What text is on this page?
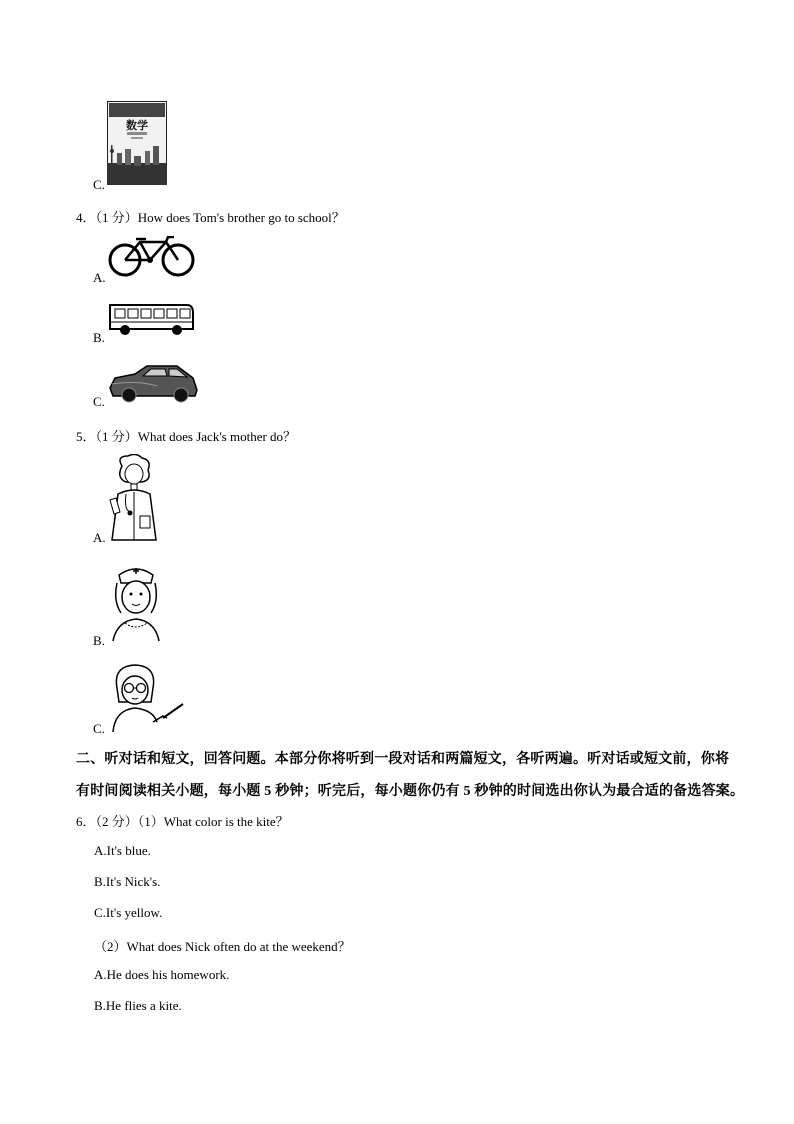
数学
C.
4．（1 分）How does Tom's brother go to school？
A.
B.
C.
5．（1 分）What does Jack's mother do？
A.
B.
C.
二、听对话和短文，回答问题。本部分你将听到一段对话和两篇短文，各听两遍。听对话或短文前，你将
有时间阅读相关小题，每小题 5 秒钟；听完后，每小题你仍有 5 秒钟的时间选出你认为最合适的备选答案。
6．（2 分）（1）What color is the kite？
A.It's blue.
B.It's Nick's.
C.It's yellow.
（2）What does Nick often do at the weekend？
A.He does his homework.
B.He flies a kite.
